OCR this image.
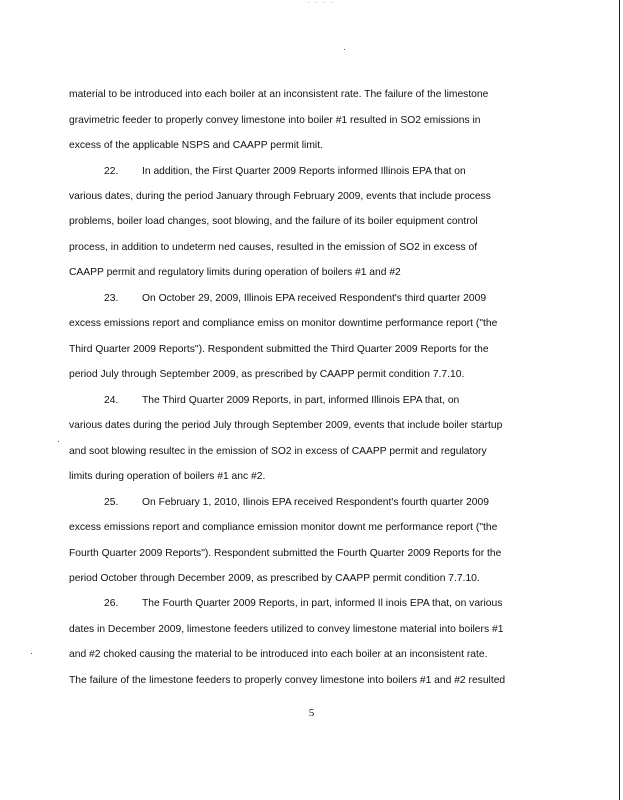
· · · ·
material to be introduced into each boiler at an inconsistent rate. The failure of the limestone
gravimetric feeder to properly convey limestone into boiler #1 resulted in SO2 emissions in
excess of the applicable NSPS and CAAPP permit limit.
22. In addition, the First Quarter 2009 Reports informed Illinois EPA that on
various dates, during the period January through February 2009, events that include process
problems, boiler load changes, soot blowing, and the failure of its boiler equipment control
process, in addition to undeterm ned causes, resulted in the emission of SO2 in excess of
CAAPP permit and regulatory limits during operation of boilers #1 and #2
23. On October 29, 2009, Illinois EPA received Respondent's third quarter 2009
excess emissions report and compliance emiss on monitor downtime performance report ("the
Third Quarter 2009 Reports"). Respondent submitted the Third Quarter 2009 Reports for the
period July through September 2009, as prescribed by CAAPP permit condition 7.7.10.
24. The Third Quarter 2009 Reports, in part, informed Illinois EPA that, on
various dates during the period July through September 2009, events that include boiler startup
and soot blowing resultec in the emission of SO2 in excess of CAAPP permit and regulatory
limits during operation of boilers #1 anc #2.
25. On February 1, 2010, Ilinois EPA received Respondent's fourth quarter 2009
excess emissions report and compliance emission monitor downt me performance report ("the
Fourth Quarter 2009 Reports"). Respondent submitted the Fourth Quarter 2009 Reports for the
period October through December 2009, as prescribed by CAAPP permit condition 7.7.10.
26. The Fourth Quarter 2009 Reports, in part, informed Il inois EPA that, on various
dates in December 2009, limestone feeders utilized to convey limestone material into boilers #1
and #2 choked causing the material to be introduced into each boiler at an inconsistent rate.
The failure of the limestone feeders to properly convey limestone into boilers #1 and #2 resulted
5
